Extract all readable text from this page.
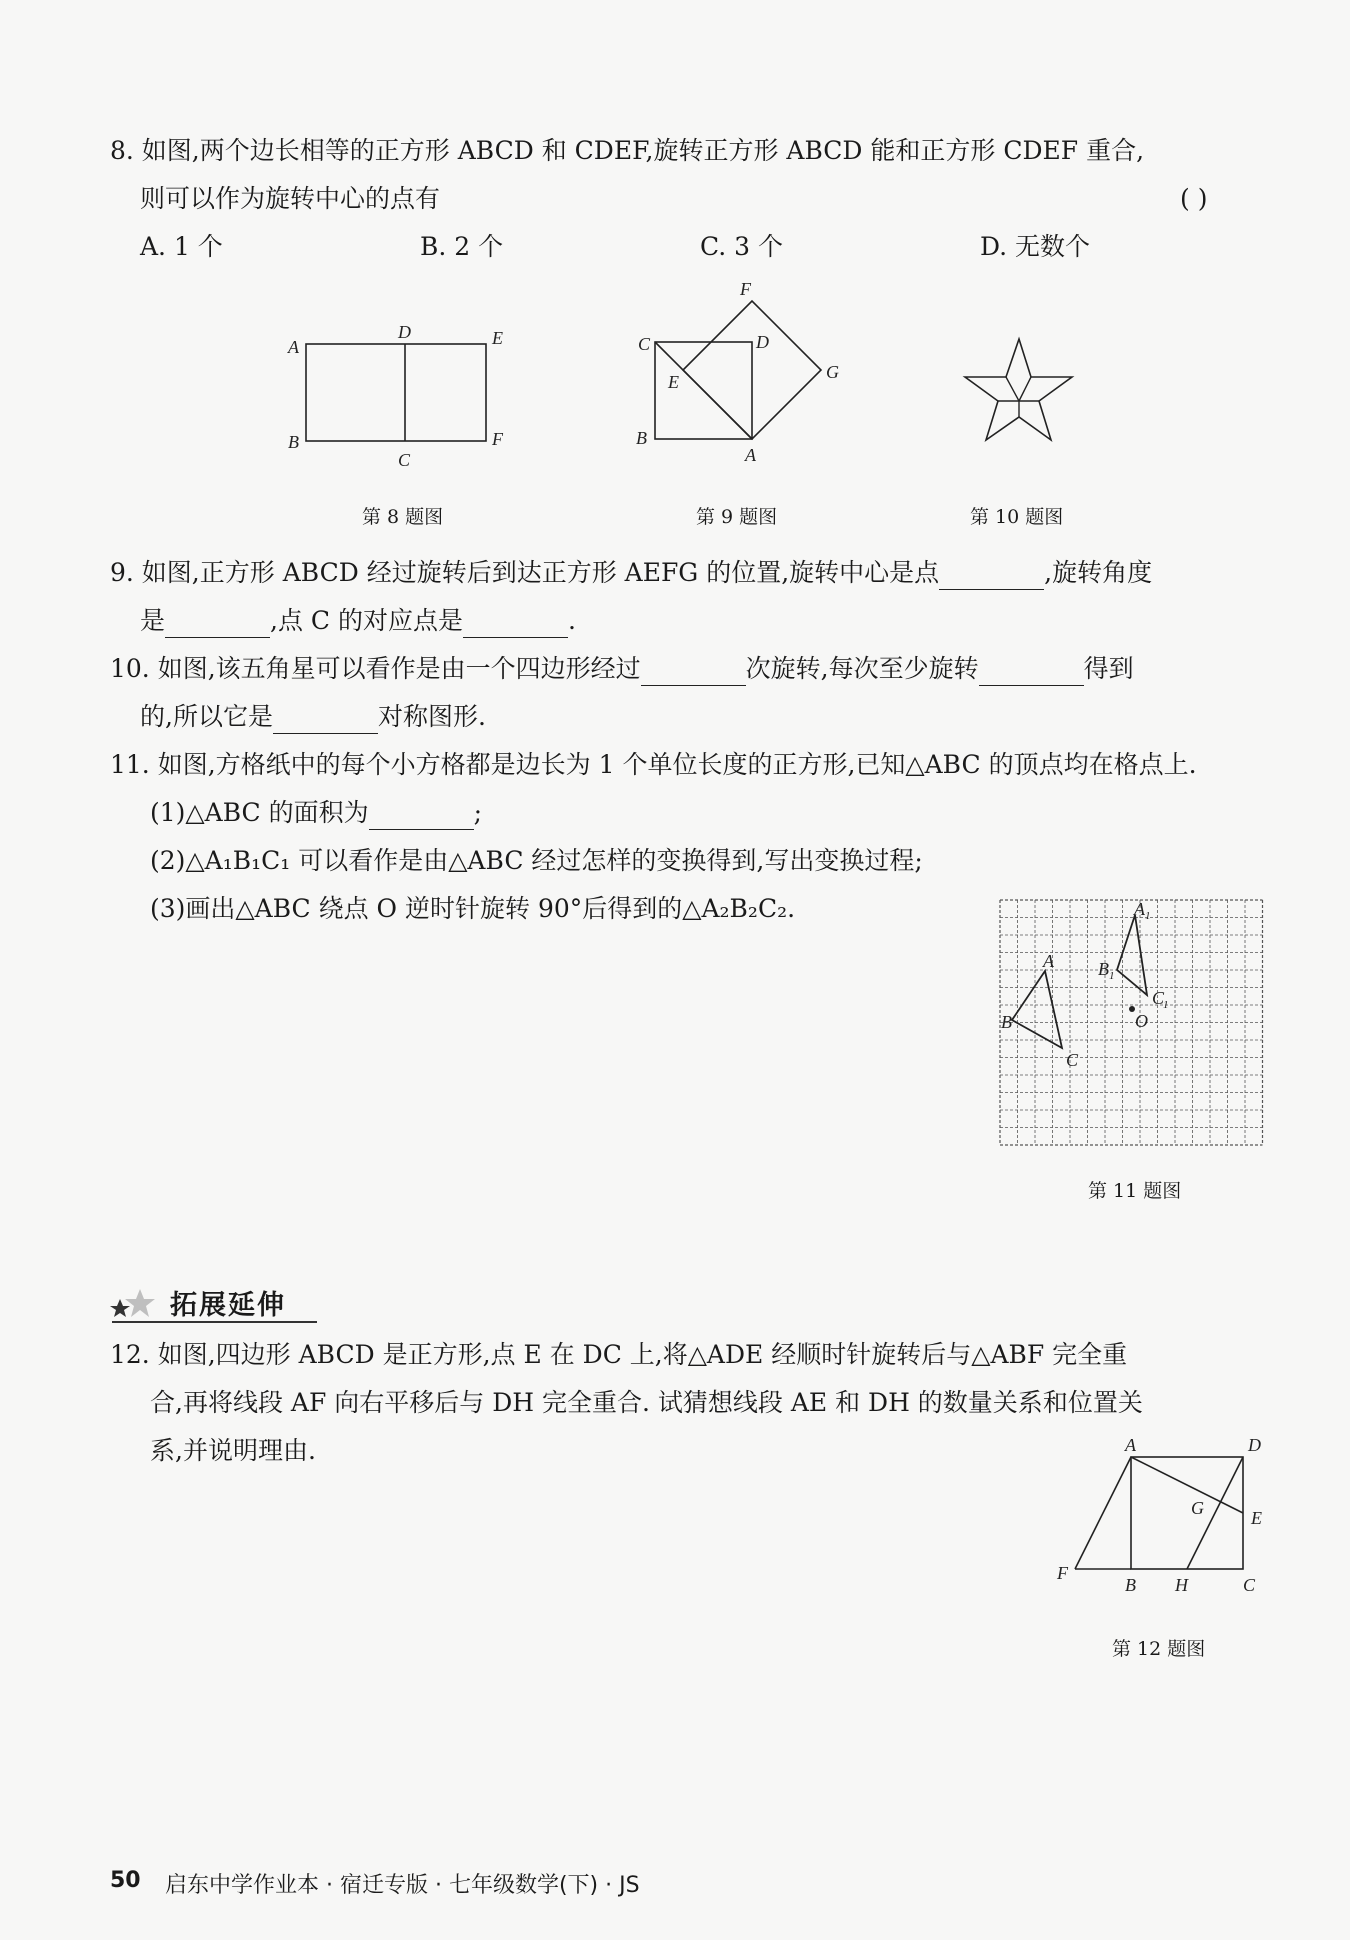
8. 如图,两个边长相等的正方形 ABCD 和 CDEF,旋转正方形 ABCD 能和正方形 CDEF 重合,
则可以作为旋转中心的点有	( )
A. 1 个	B. 2 个	C. 3 个	D. 无数个
A
B
C
D	E
F
第 8 题图
F
C	D
E	G
B
A
第 9 题图	第 10 题图
9. 如图,正方形 ABCD 经过旋转后到达正方形 AEFG 的位置,旋转中心是点	,旋转角度
是	,点 C 的对应点是	.
10. 如图,该五角星可以看作是由一个四边形经过	次旋转,每次至少旋转	得到
的,所以它是	对称图形.
11. 如图,方格纸中的每个小方格都是边长为 1 个单位长度的正方形,已知△ABC 的顶点均在格点上.
(1)△ABC 的面积为	;
(2)△A₁B₁C₁ 可以看作是由△ABC 经过怎样的变换得到,写出变换过程;
(3)画出△ABC 绕点 O 逆时针旋转 90°后得到的△A₂B₂C₂.
A
B
C
A 1
B 1
C
1
O
第 11 题图
拓展延伸
12. 如图,四边形 ABCD 是正方形,点 E 在 DC 上,将△ADE 经顺时针旋转后与△ABF 完全重
合,再将线段 AF 向右平移后与 DH 完全重合. 试猜想线段 AE 和 DH 的数量关系和位置关
系,并说明理由.	A	D
G	E
F
B H	C
第 12 题图
50 启东中学作业本 · 宿迁专版 · 七年级数学(下) · JS
